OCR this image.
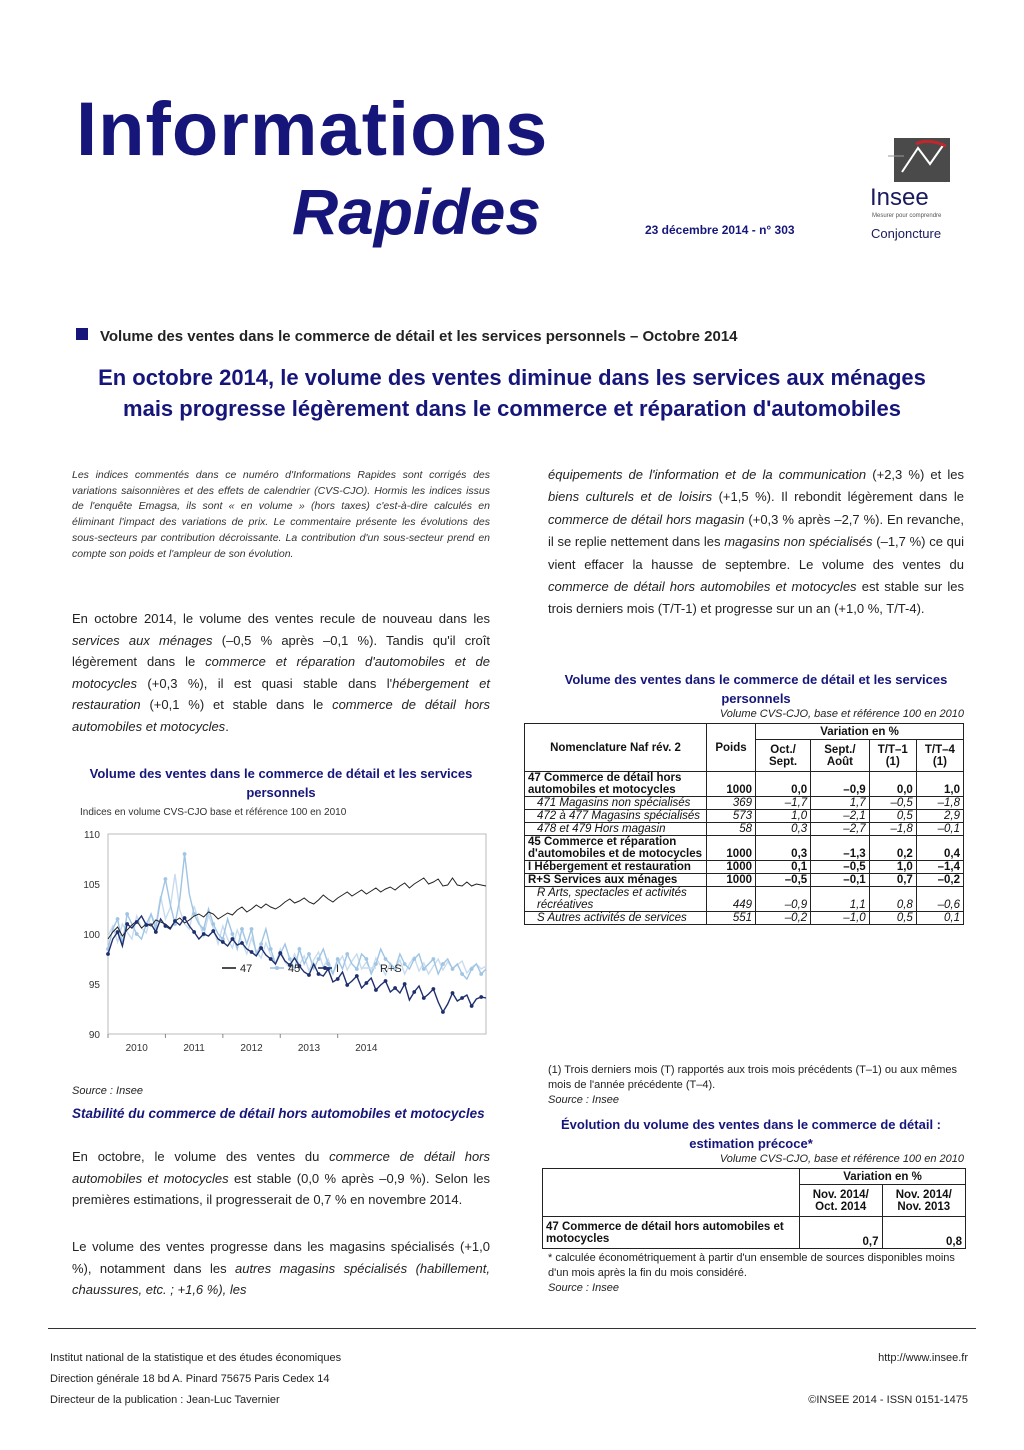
Informations
Rapides	23 décembre 2014 - n° 303
Insee
Mesurer pour comprendre
Conjoncture
Volume des ventes dans le commerce de détail et les services personnels – Octobre 2014
En octobre 2014, le volume des ventes diminue dans les services aux ménages mais progresse légèrement dans le commerce et réparation d'automobiles
Les indices commentés dans ce numéro d'Informations Rapides sont corrigés des variations saisonnières et des effets de calendrier (CVS-CJO). Hormis les indices issus de l'enquête Emagsa, ils sont « en volume » (hors taxes) c'est-à-dire calculés en éliminant l'impact des variations de prix. Le commentaire présente les évolutions des sous-secteurs par contribution décroissante. La contribution d'un sous-secteur prend en compte son poids et l'ampleur de son évolution.
En octobre 2014, le volume des ventes recule de nouveau dans les services aux ménages (–0,5 % après –0,1 %). Tandis qu'il croît légèrement dans le commerce et réparation d'automobiles et de motocycles (+0,3 %), il est quasi stable dans l'hébergement et restauration (+0,1 %) et stable dans le commerce de détail hors automobiles et motocycles.
Volume des ventes dans le commerce de détail et les services personnels
Indices en volume CVS-CJO base et référence 100 en 2010
90
95
100
105
110
2010	2011	2012	2013	2014
47	45	I	R+S
Source : Insee
Stabilité du commerce de détail hors automobiles et motocycles
En octobre, le volume des ventes du commerce de détail hors automobiles et motocycles est stable (0,0 % après –0,9 %). Selon les premières estimations, il progresserait de 0,7 % en novembre 2014.
Le volume des ventes progresse dans les magasins spécialisés (+1,0 %), notamment dans les autres magasins spécialisés (habillement, chaussures, etc. ; +1,6 %), les
équipements de l'information et de la communication (+2,3 %) et les biens culturels et de loisirs (+1,5 %). Il rebondit légèrement dans le commerce de détail hors magasin (+0,3 % après –2,7 %). En revanche, il se replie nettement dans les magasins non spécialisés (–1,7 %) ce qui vient effacer la hausse de septembre. Le volume des ventes du commerce de détail hors automobiles et motocycles est stable sur les trois derniers mois (T/T-1) et progresse sur un an (+1,0 %, T/T-4).
Volume des ventes dans le commerce de détail et les services personnels
Volume CVS-CJO, base et référence 100 en 2010
Nomenclature Naf rév. 2	Poids	Variation en %			
		Oct./ Sept.	Sept./ Août	T/T–1 (1)	T/T–4 (1)
47 Commerce de détail hors automobiles et motocycles	1000	0,0	–0,9	0,0	1,0
471 Magasins non spécialisés	369	–1,7	1,7	–0,5	–1,8
472 à 477 Magasins spécialisés	573	1,0	–2,1	0,5	2,9
478 et 479 Hors magasin	58	0,3	–2,7	–1,8	–0,1
45 Commerce et réparation d'automobiles et de motocycles	1000	0,3	–1,3	0,2	0,4
I Hébergement et restauration	1000	0,1	–0,5	1,0	–1,4
R+S Services aux ménages	1000	–0,5	–0,1	0,7	–0,2
R Arts, spectacles et activités récréatives	449	–0,9	1,1	0,8	–0,6
S Autres activités de services	551	–0,2	–1,0	0,5	0,1
(1) Trois derniers mois (T) rapportés aux trois mois précédents (T–1) ou aux mêmes mois de l'année précédente (T–4).
Source : Insee
Évolution du volume des ventes dans le commerce de détail : estimation précoce*
Volume CVS-CJO, base et référence 100 en 2010
	Variation en %	
	Nov. 2014/ Oct. 2014	Nov. 2014/ Nov. 2013
47 Commerce de détail hors automobiles et motocycles	0,7	0,8
* calculée économétriquement à partir d'un ensemble de sources disponibles moins d'un mois après la fin du mois considéré.
Source : Insee
Institut national de la statistique et des études économiques
Direction générale 18 bd A. Pinard 75675 Paris Cedex 14
Directeur de la publication : Jean-Luc Tavernier
http://www.insee.fr
©INSEE 2014 - ISSN 0151-1475
